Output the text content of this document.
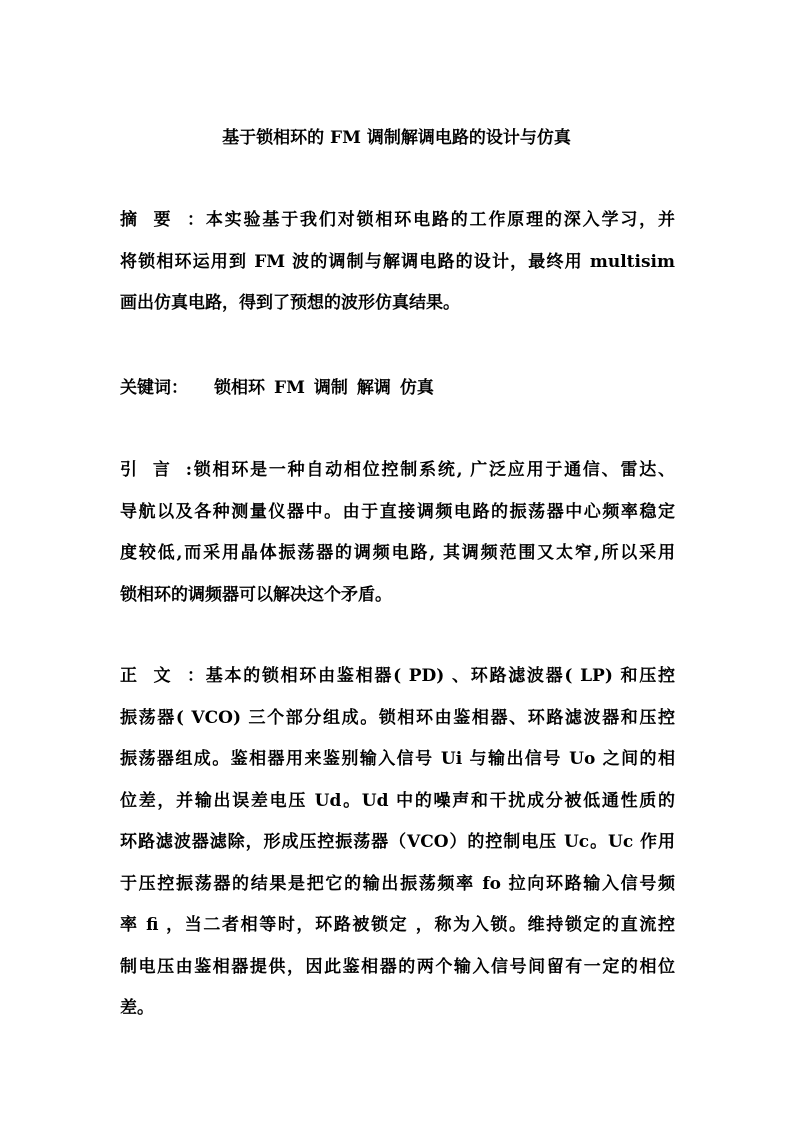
基于锁相环的 FM 调制解调电路的设计与仿真
摘要：本实验基于我们对锁相环电路的工作原理的深入学习，并
将锁相环运用到 FM 波的调制与解调电路的设计，最终用 multisim
画出仿真电路，得到了预想的波形仿真结果。
关键词： 锁相环 FM 调制 解调 仿真
引言:锁相环是一种自动相位控制系统, 广泛应用于通信、雷达、
导航以及各种测量仪器中。由于直接调频电路的振荡器中心频率稳定
度较低,而采用晶体振荡器的调频电路, 其调频范围又太窄,所以采用
锁相环的调频器可以解决这个矛盾。
正文：基本的锁相环由鉴相器( PD) 、环路滤波器( LP) 和压控
振荡器( VCO) 三个部分组成。锁相环由鉴相器、环路滤波器和压控
振荡器组成。鉴相器用来鉴别输入信号 Ui 与输出信号 Uo 之间的相
位差，并输出误差电压 Ud。Ud 中的噪声和干扰成分被低通性质的
环路滤波器滤除，形成压控振荡器（VCO）的控制电压 Uc。Uc 作用
于压控振荡器的结果是把它的输出振荡频率 fo 拉向环路输入信号频
率 fi ，当二者相等时，环路被锁定 ，称为入锁。维持锁定的直流控
制电压由鉴相器提供，因此鉴相器的两个输入信号间留有一定的相位
差。
